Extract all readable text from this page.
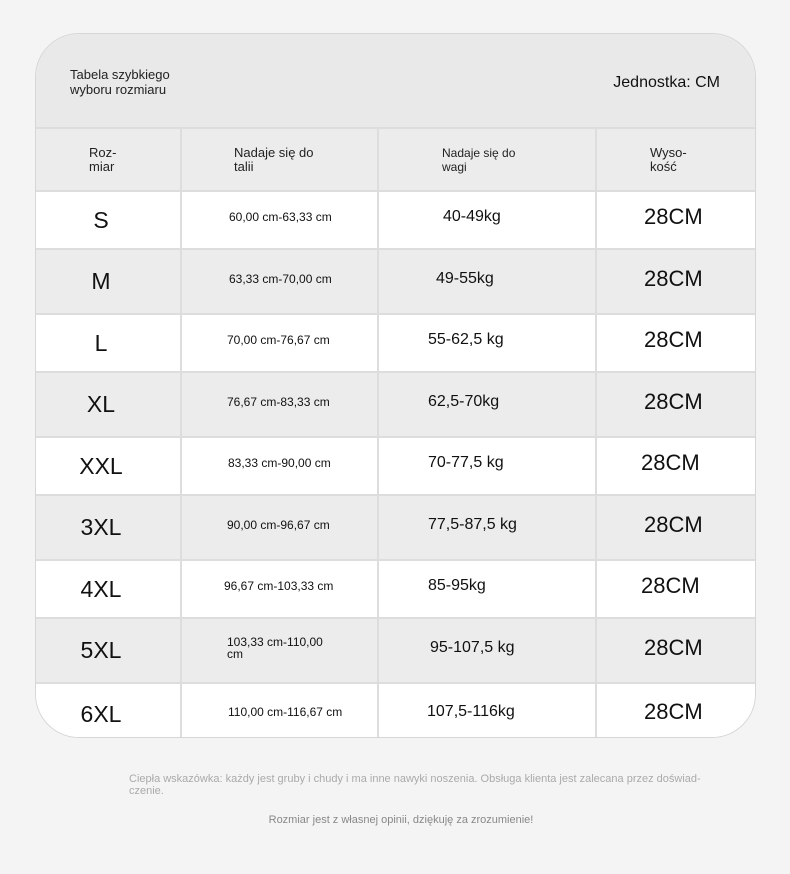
Tabela szybkiego wyboru rozmiaru	Jednostka: CM
Roz- miar	Nadaje się do talii	Nadaje się do wagi	Wyso- kość

S	60,00 cm-63,33 cm	40-49kg	28CM

M	63,33 cm-70,00 cm	49-55kg	28CM

L	70,00 cm-76,67 cm	55-62,5 kg	28CM

XL	76,67 cm-83,33 cm	62,5-70kg	28CM

XXL	83,33 cm-90,00 cm	70-77,5 kg	28CM

3XL	90,00 cm-96,67 cm	77,5-87,5 kg	28CM

4XL	96,67 cm-103,33 cm	85-95kg	28CM

5XL	103,33 cm-110,00 cm	95-107,5 kg	28CM

6XL	110,00 cm-116,67 cm	107,5-116kg	28CM
Ciepła wskazówka: każdy jest gruby i chudy i ma inne nawyki noszenia. Obsługa klienta jest zalecana przez doświad- czenie.
Rozmiar jest z własnej opinii, dziękuję za zrozumienie!
